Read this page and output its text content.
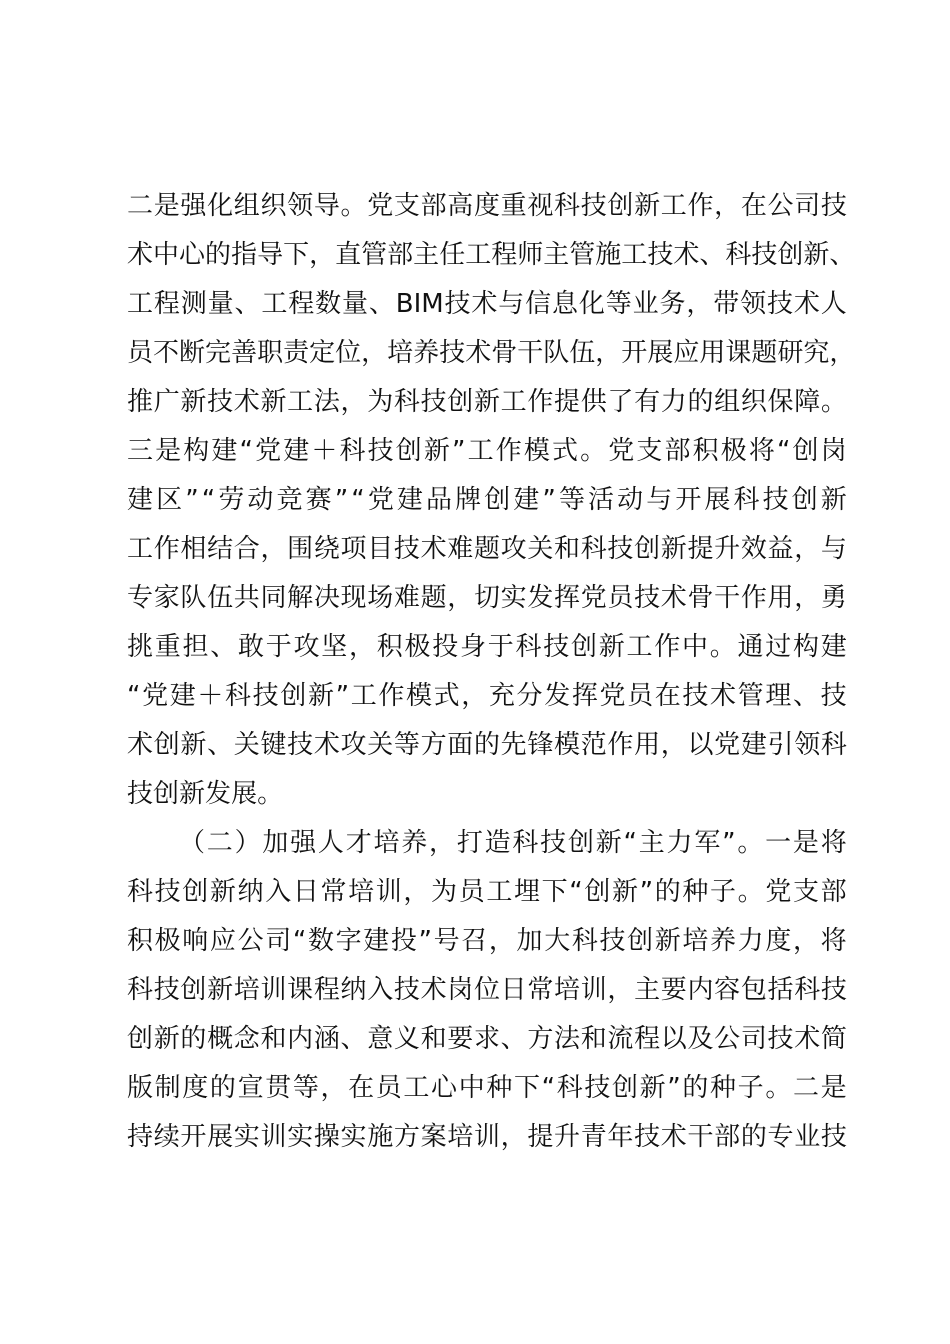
二 是 强 化 组 织 领 导 。 党 支 部 高 度 重 视 科 技 创 新 工 作 ， 在 公 司 技
术 中 心 的 指 导 下 ， 直 管 部 主 任 工 程 师 主 管 施 工 技 术 、 科 技 创 新 、
工 程 测 量 、 工 程 数 量 、 BIM 技 术 与 信 息 化 等 业 务 ， 带 领 技 术 人
员 不 断 完 善 职 责 定 位 ， 培 养 技 术 骨 干 队 伍 ， 开 展 应 用 课 题 研 究 ，
推 广 新 技 术 新 工 法 ， 为 科 技 创 新 工 作 提 供 了 有 力 的 组 织 保 障 。
三 是 构 建 “ 党 建 ＋ 科 技 创 新 ” 工 作 模 式 。 党 支 部 积 极 将 “ 创 岗
建 区 ” “ 劳 动 竞 赛 ” “ 党 建 品 牌 创 建 ” 等 活 动 与 开 展 科 技 创 新
工 作 相 结 合 ， 围 绕 项 目 技 术 难 题 攻 关 和 科 技 创 新 提 升 效 益 ， 与
专 家 队 伍 共 同 解 决 现 场 难 题 ， 切 实 发 挥 党 员 技 术 骨 干 作 用 ， 勇
挑 重 担 、 敢 于 攻 坚 ， 积 极 投 身 于 科 技 创 新 工 作 中 。 通 过 构 建
“ 党 建 ＋ 科 技 创 新 ” 工 作 模 式 ， 充 分 发 挥 党 员 在 技 术 管 理 、 技
术 创 新 、 关 键 技 术 攻 关 等 方 面 的 先 锋 模 范 作 用 ， 以 党 建 引 领 科
技 创 新 发 展 。
（ 二 ） 加 强 人 才 培 养 ， 打 造 科 技 创 新 “ 主 力 军 ” 。 一 是 将
科 技 创 新 纳 入 日 常 培 训 ， 为 员 工 埋 下 “ 创 新 ” 的 种 子 。 党 支 部
积 极 响 应 公 司 “ 数 字 建 投 ” 号 召 ， 加 大 科 技 创 新 培 养 力 度 ， 将
科 技 创 新 培 训 课 程 纳 入 技 术 岗 位 日 常 培 训 ， 主 要 内 容 包 括 科 技
创 新 的 概 念 和 内 涵 、 意 义 和 要 求 、 方 法 和 流 程 以 及 公 司 技 术 简
版 制 度 的 宣 贯 等 ， 在 员 工 心 中 种 下 “ 科 技 创 新 ” 的 种 子 。 二 是
持 续 开 展 实 训 实 操 实 施 方 案 培 训 ， 提 升 青 年 技 术 干 部 的 专 业 技
